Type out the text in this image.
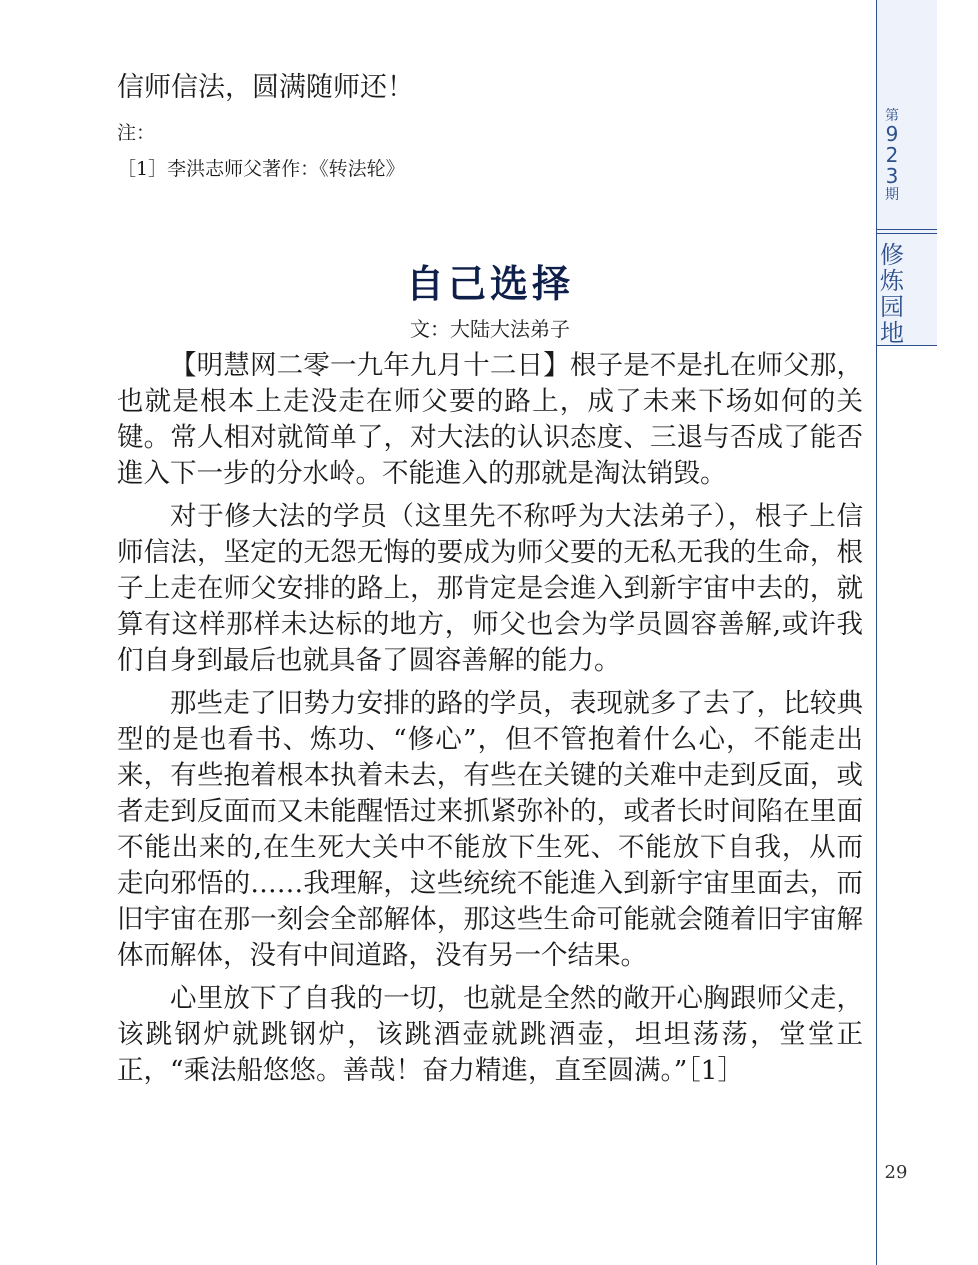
第
9
2
3
期
修
炼
园
地

信师信法，圆满随师还！

注：

［1］李洪志师父著作：《转法轮》

自己选择
文：大陆大法弟子

【明慧网二零一九年九月十二日】根子是不是扎在师父那，也就是根本上走没走在师父要的路上，成了未来下场如何的关键。常人相对就简单了，对大法的认识态度、三退与否成了能否進入下一步的分水岭。不能進入的那就是淘汰销毁。

对于修大法的学员（这里先不称呼为大法弟子），根子上信师信法，坚定的无怨无悔的要成为师父要的无私无我的生命，根子上走在师父安排的路上，那肯定是会進入到新宇宙中去的，就算有这样那样未达标的地方，师父也会为学员圆容善解,或许我们自身到最后也就具备了圆容善解的能力。

那些走了旧势力安排的路的学员，表现就多了去了，比较典型的是也看书、炼功、“修心”，但不管抱着什么心，不能走出来，有些抱着根本执着未去，有些在关键的关难中走到反面，或者走到反面而又未能醒悟过来抓紧弥补的，或者长时间陷在里面不能出来的,在生死大关中不能放下生死、不能放下自我，从而走向邪悟的……我理解，这些统统不能進入到新宇宙里面去，而旧宇宙在那一刻会全部解体，那这些生命可能就会随着旧宇宙解体而解体，没有中间道路，没有另一个结果。

心里放下了自我的一切，也就是全然的敞开心胸跟师父走，该跳钢炉就跳钢炉，该跳酒壶就跳酒壶，坦坦荡荡，堂堂正正，“乘法船悠悠。善哉！奋力精進，直至圆满。”［1］

29
